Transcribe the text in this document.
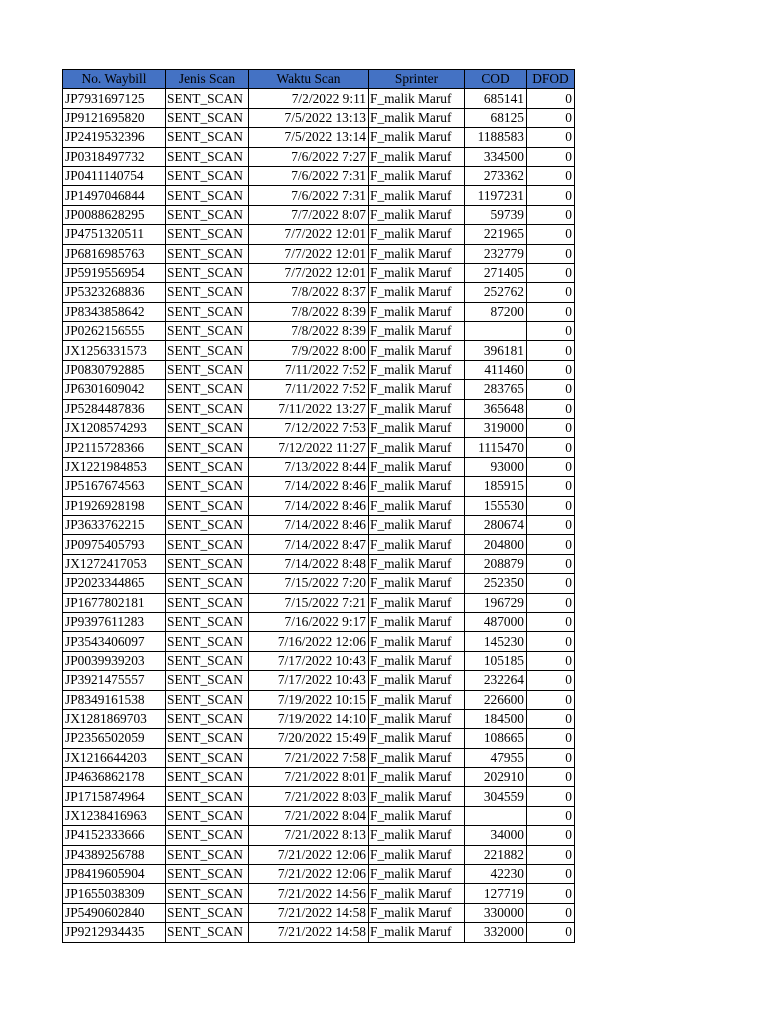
No. Waybill	Jenis Scan	Waktu Scan	Sprinter	COD	DFOD
JP7931697125	SENT_SCAN	7/2/2022 9:11	F_malik Maruf	685141	0
JP9121695820	SENT_SCAN	7/5/2022 13:13	F_malik Maruf	68125	0
JP2419532396	SENT_SCAN	7/5/2022 13:14	F_malik Maruf	1188583	0
JP0318497732	SENT_SCAN	7/6/2022 7:27	F_malik Maruf	334500	0
JP0411140754	SENT_SCAN	7/6/2022 7:31	F_malik Maruf	273362	0
JP1497046844	SENT_SCAN	7/6/2022 7:31	F_malik Maruf	1197231	0
JP0088628295	SENT_SCAN	7/7/2022 8:07	F_malik Maruf	59739	0
JP4751320511	SENT_SCAN	7/7/2022 12:01	F_malik Maruf	221965	0
JP6816985763	SENT_SCAN	7/7/2022 12:01	F_malik Maruf	232779	0
JP5919556954	SENT_SCAN	7/7/2022 12:01	F_malik Maruf	271405	0
JP5323268836	SENT_SCAN	7/8/2022 8:37	F_malik Maruf	252762	0
JP8343858642	SENT_SCAN	7/8/2022 8:39	F_malik Maruf	87200	0
JP0262156555	SENT_SCAN	7/8/2022 8:39	F_malik Maruf		0
JX1256331573	SENT_SCAN	7/9/2022 8:00	F_malik Maruf	396181	0
JP0830792885	SENT_SCAN	7/11/2022 7:52	F_malik Maruf	411460	0
JP6301609042	SENT_SCAN	7/11/2022 7:52	F_malik Maruf	283765	0
JP5284487836	SENT_SCAN	7/11/2022 13:27	F_malik Maruf	365648	0
JX1208574293	SENT_SCAN	7/12/2022 7:53	F_malik Maruf	319000	0
JP2115728366	SENT_SCAN	7/12/2022 11:27	F_malik Maruf	1115470	0
JX1221984853	SENT_SCAN	7/13/2022 8:44	F_malik Maruf	93000	0
JP5167674563	SENT_SCAN	7/14/2022 8:46	F_malik Maruf	185915	0
JP1926928198	SENT_SCAN	7/14/2022 8:46	F_malik Maruf	155530	0
JP3633762215	SENT_SCAN	7/14/2022 8:46	F_malik Maruf	280674	0
JP0975405793	SENT_SCAN	7/14/2022 8:47	F_malik Maruf	204800	0
JX1272417053	SENT_SCAN	7/14/2022 8:48	F_malik Maruf	208879	0
JP2023344865	SENT_SCAN	7/15/2022 7:20	F_malik Maruf	252350	0
JP1677802181	SENT_SCAN	7/15/2022 7:21	F_malik Maruf	196729	0
JP9397611283	SENT_SCAN	7/16/2022 9:17	F_malik Maruf	487000	0
JP3543406097	SENT_SCAN	7/16/2022 12:06	F_malik Maruf	145230	0
JP0039939203	SENT_SCAN	7/17/2022 10:43	F_malik Maruf	105185	0
JP3921475557	SENT_SCAN	7/17/2022 10:43	F_malik Maruf	232264	0
JP8349161538	SENT_SCAN	7/19/2022 10:15	F_malik Maruf	226600	0
JX1281869703	SENT_SCAN	7/19/2022 14:10	F_malik Maruf	184500	0
JP2356502059	SENT_SCAN	7/20/2022 15:49	F_malik Maruf	108665	0
JX1216644203	SENT_SCAN	7/21/2022 7:58	F_malik Maruf	47955	0
JP4636862178	SENT_SCAN	7/21/2022 8:01	F_malik Maruf	202910	0
JP1715874964	SENT_SCAN	7/21/2022 8:03	F_malik Maruf	304559	0
JX1238416963	SENT_SCAN	7/21/2022 8:04	F_malik Maruf		0
JP4152333666	SENT_SCAN	7/21/2022 8:13	F_malik Maruf	34000	0
JP4389256788	SENT_SCAN	7/21/2022 12:06	F_malik Maruf	221882	0
JP8419605904	SENT_SCAN	7/21/2022 12:06	F_malik Maruf	42230	0
JP1655038309	SENT_SCAN	7/21/2022 14:56	F_malik Maruf	127719	0
JP5490602840	SENT_SCAN	7/21/2022 14:58	F_malik Maruf	330000	0
JP9212934435	SENT_SCAN	7/21/2022 14:58	F_malik Maruf	332000	0
